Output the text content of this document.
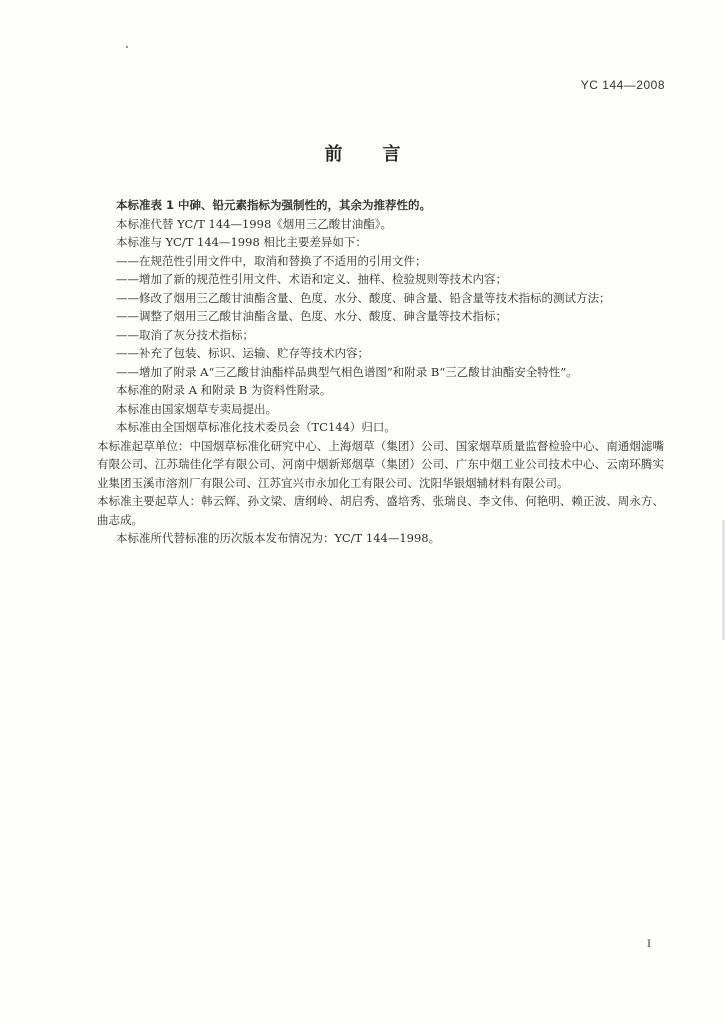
YC 144—2008
前言

本标准表 1 中砷、铅元素指标为强制性的，其余为推荐性的。

本标准代替 YC/T 144—1998《烟用三乙酸甘油酯》。

本标准与 YC/T 144—1998 相比主要差异如下：

——在规范性引用文件中，取消和替换了不适用的引用文件；

——增加了新的规范性引用文件、术语和定义、抽样、检验规则等技术内容；

——修改了烟用三乙酸甘油酯含量、色度、水分、酸度、砷含量、铅含量等技术指标的测试方法；

——调整了烟用三乙酸甘油酯含量、色度、水分、酸度、砷含量等技术指标；

——取消了灰分技术指标；

——补充了包装、标识、运输、贮存等技术内容；

——增加了附录 A“三乙酸甘油酯样品典型气相色谱图”和附录 B“三乙酸甘油酯安全特性”。

本标准的附录 A 和附录 B 为资料性附录。

本标准由国家烟草专卖局提出。

本标准由全国烟草标准化技术委员会（TC144）归口。

本标准起草单位：中国烟草标准化研究中心、上海烟草（集团）公司、国家烟草质量监督检验中心、南通烟滤嘴有限公司、江苏瑞佳化学有限公司、河南中烟新郑烟草（集团）公司、广东中烟工业公司技术中心、云南环腾实业集团玉溪市溶剂厂有限公司、江苏宜兴市永加化工有限公司、沈阳华银烟辅材料有限公司。

本标准主要起草人：韩云辉、孙文梁、唐纲岭、胡启秀、盛培秀、张瑞良、李文伟、何艳明、赖正波、周永方、曲志成。

本标准所代替标准的历次版本发布情况为：YC/T 144—1998。

I
